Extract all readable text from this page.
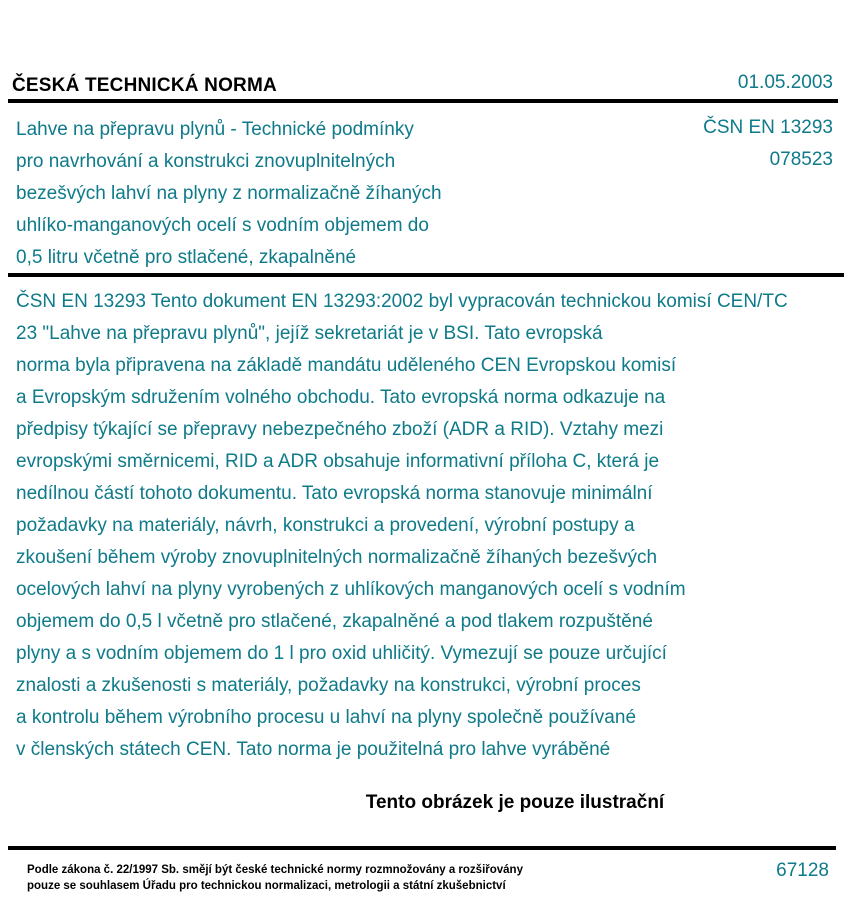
ČESKÁ TECHNICKÁ NORMA	01.05.2003
Lahve na přepravu plynů - Technické podmínky
pro navrhování a konstrukci znovuplnitelných
bezešvých lahví na plyny z normalizačně žíhaných
uhlíko-manganových ocelí s vodním objemem do
0,5 litru včetně pro stlačené, zkapalněné
ČSN EN 13293
078523
ČSN EN 13293 Tento dokument EN 13293:2002 byl vypracován technickou komisí CEN/TC
23 "Lahve na přepravu plynů", jejíž sekretariát je v BSI. Tato evropská
norma byla připravena na základě mandátu uděleného CEN Evropskou komisí
a Evropským sdružením volného obchodu. Tato evropská norma odkazuje na
předpisy týkající se přepravy nebezpečného zboží (ADR a RID). Vztahy mezi
evropskými směrnicemi, RID a ADR obsahuje informativní příloha C, která je
nedílnou částí tohoto dokumentu. Tato evropská norma stanovuje minimální
požadavky na materiály, návrh, konstrukci a provedení, výrobní postupy a
zkoušení během výroby znovuplnitelných normalizačně žíhaných bezešvých
ocelových lahví na plyny vyrobených z uhlíkových manganových ocelí s vodním
objemem do 0,5 l včetně pro stlačené, zkapalněné a pod tlakem rozpuštěné
plyny a s vodním objemem do 1 l pro oxid uhličitý. Vymezují se pouze určující
znalosti a zkušenosti s materiály, požadavky na konstrukci, výrobní proces
a kontrolu během výrobního procesu u lahví na plyny společně používané
v členských státech CEN. Tato norma je použitelná pro lahve vyráběné
Tento obrázek je pouze ilustrační
Podle zákona č. 22/1997 Sb. smějí být české technické normy rozmnožovány a rozšiřovány
pouze se souhlasem Úřadu pro technickou normalizaci, metrologii a státní zkušebnictví
67128
